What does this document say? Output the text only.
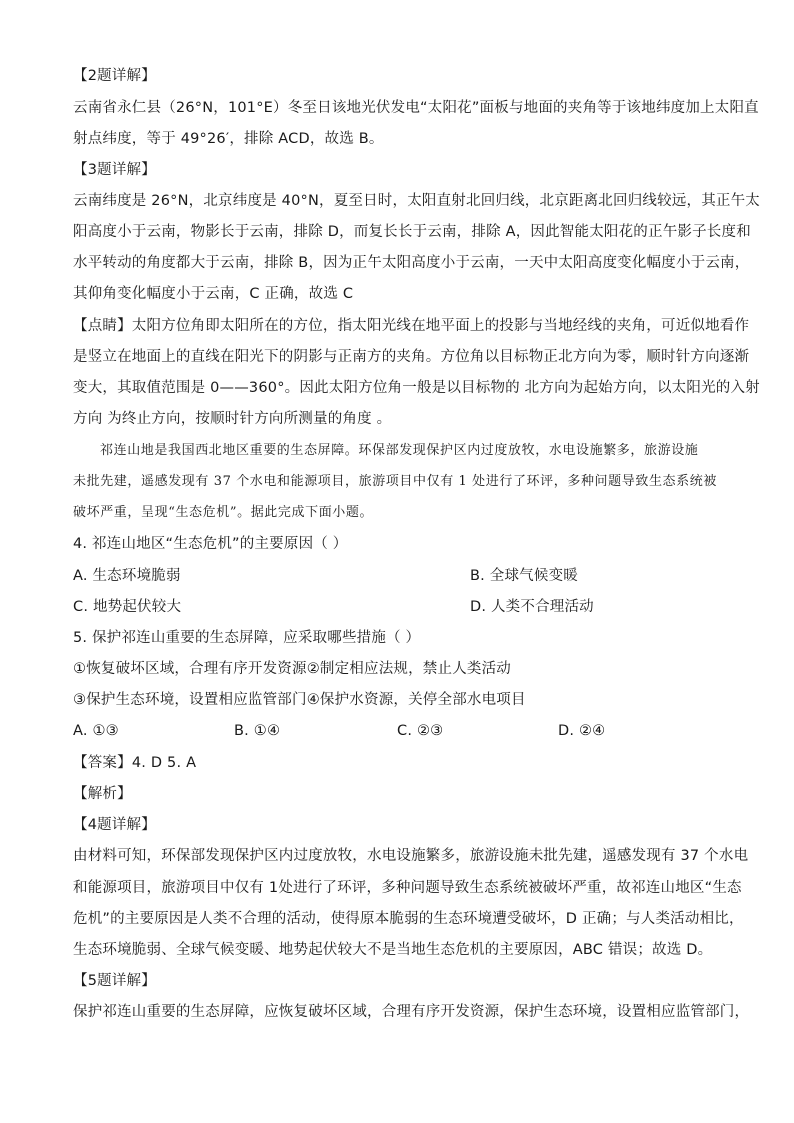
【2题详解】
云南省永仁县（26°N，101°E）冬至日该地光伏发电“太阳花”面板与地面的夹角等于该地纬度加上太阳直
射点纬度，等于 49°26′，排除 ACD，故选 B。
【3题详解】
云南纬度是 26°N，北京纬度是 40°N，夏至日时，太阳直射北回归线，北京距离北回归线较远，其正午太
阳高度小于云南，物影长于云南，排除 D，而复长长于云南，排除 A，因此智能太阳花的正午影子长度和
水平转动的角度都大于云南，排除 B，因为正午太阳高度小于云南，一天中太阳高度变化幅度小于云南，
其仰角变化幅度小于云南，C 正确，故选 C
【点睛】太阳方位角即太阳所在的方位，指太阳光线在地平面上的投影与当地经线的夹角，可近似地看作
是竖立在地面上的直线在阳光下的阴影与正南方的夹角。方位角以目标物正北方向为零，顺时针方向逐渐
变大，其取值范围是 0——360°。因此太阳方位角一般是以目标物的 北方向为起始方向，以太阳光的入射
方向 为终止方向，按顺时针方向所测量的角度 。
祁连山地是我国西北地区重要的生态屏障。环保部发现保护区内过度放牧，水电设施繁多，旅游设施
未批先建，遥感发现有 37 个水电和能源项目，旅游项目中仅有 1 处进行了环评，多种问题导致生态系统被
破坏严重，呈现“生态危机”。据此完成下面小题。
4. 祁连山地区“生态危机”的主要原因（ ）
A. 生态环境脆弱	B. 全球气候变暖
C. 地势起伏较大	D. 人类不合理活动
5. 保护祁连山重要的生态屏障，应采取哪些措施（ ）
①恢复破坏区域，合理有序开发资源②制定相应法规，禁止人类活动
③保护生态环境，设置相应监管部门④保护水资源，关停全部水电项目
A. ①③	B. ①④	C. ②③	D. ②④
【答案】4. D 5. A
【解析】
【4题详解】
由材料可知，环保部发现保护区内过度放牧，水电设施繁多，旅游设施未批先建，遥感发现有 37 个水电
和能源项目，旅游项目中仅有 1处进行了环评，多种问题导致生态系统被破坏严重，故祁连山地区“生态
危机”的主要原因是人类不合理的活动，使得原本脆弱的生态环境遭受破坏，D 正确；与人类活动相比，
生态环境脆弱、全球气候变暖、地势起伏较大不是当地生态危机的主要原因，ABC 错误；故选 D。
【5题详解】
保护祁连山重要的生态屏障，应恢复破坏区域，合理有序开发资源，保护生态环境，设置相应监管部门，
